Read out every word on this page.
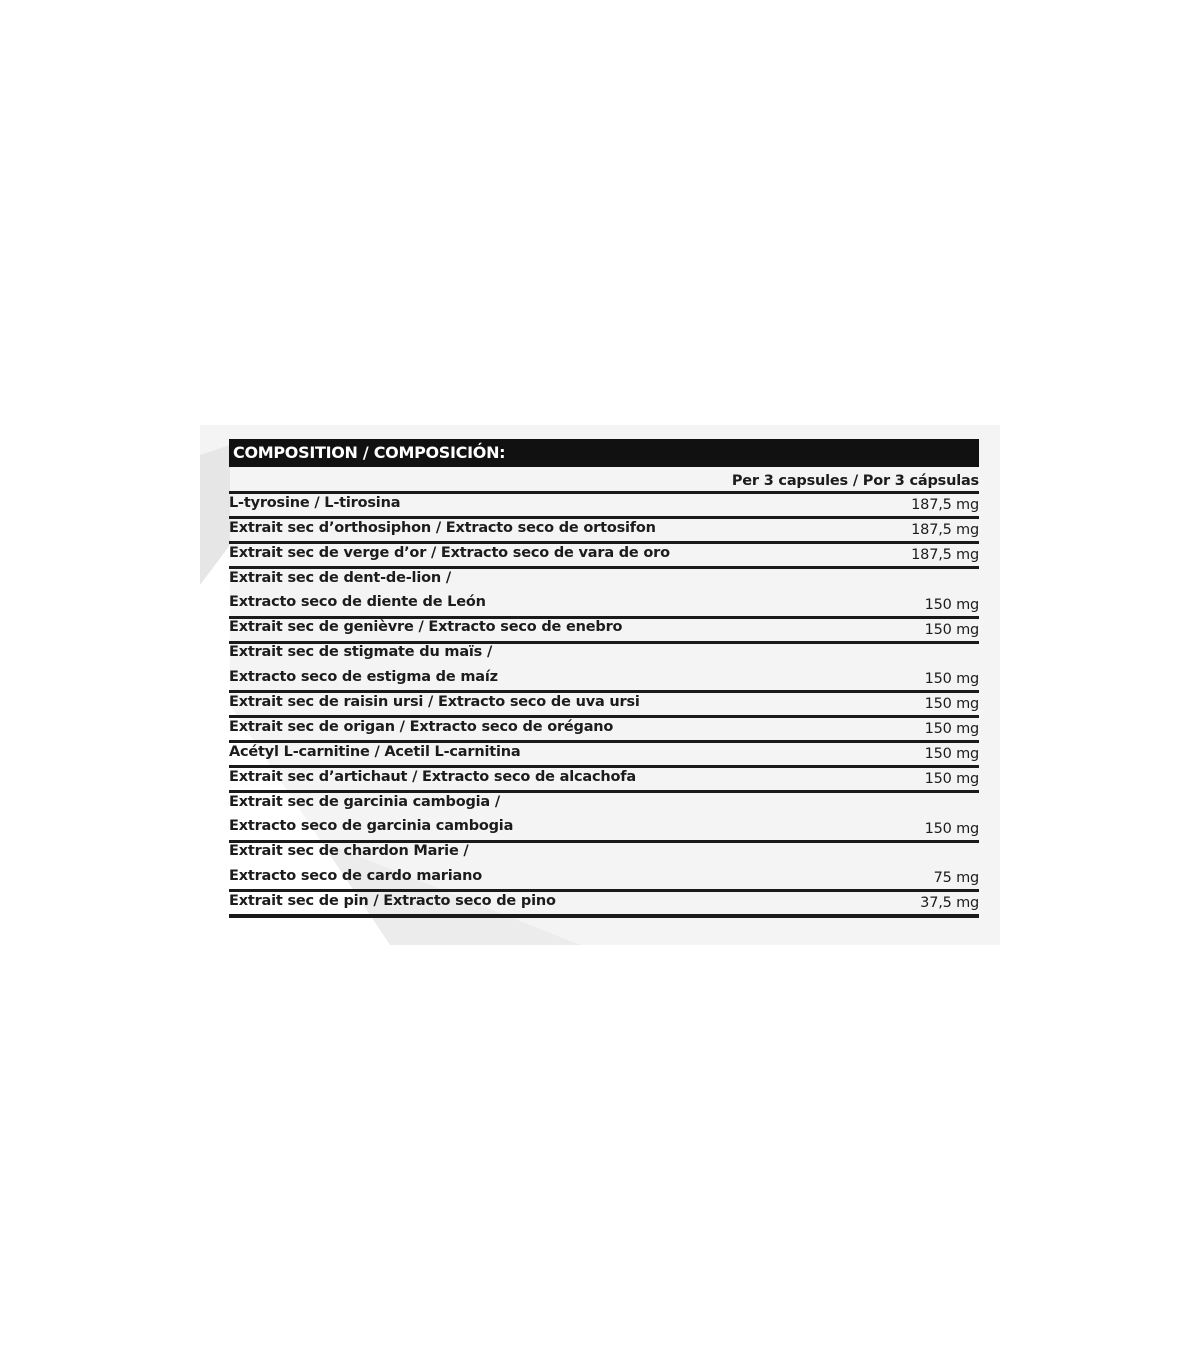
COMPOSITION / COMPOSICIÓN:
Per 3 capsules / Por 3 cápsulas
L-tyrosine / L-tirosina	187,5 mg
Extrait sec d’orthosiphon / Extracto seco de ortosifon	187,5 mg
Extrait sec de verge d’or / Extracto seco de vara de oro	187,5 mg
Extrait sec de dent-de-lion /
Extracto seco de diente de León	150 mg
Extrait sec de genièvre / Extracto seco de enebro	150 mg
Extrait sec de stigmate du maïs /
Extracto seco de estigma de maíz	150 mg
Extrait sec de raisin ursi / Extracto seco de uva ursi	150 mg
Extrait sec de origan / Extracto seco de orégano	150 mg
Acétyl L-carnitine / Acetil L-carnitina	150 mg
Extrait sec d’artichaut / Extracto seco de alcachofa	150 mg
Extrait sec de garcinia cambogia /
Extracto seco de garcinia cambogia	150 mg
Extrait sec de chardon Marie /
Extracto seco de cardo mariano	75 mg
Extrait sec de pin / Extracto seco de pino	37,5 mg
